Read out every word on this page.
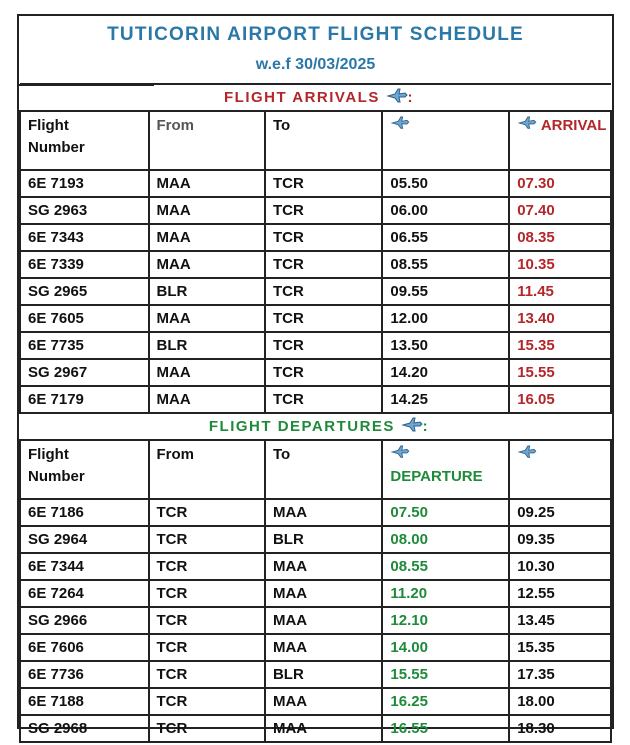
TUTICORIN AIRPORT FLIGHT SCHEDULE
w.e.f 30/03/2025
FLIGHT ARRIVALS :				
Flight
Number	From	To		ARRIVAL
6E 7193	MAA	TCR	05.50	07.30
SG 2963	MAA	TCR	06.00	07.40
6E 7343	MAA	TCR	06.55	08.35
6E 7339	MAA	TCR	08.55	10.35
SG 2965	BLR	TCR	09.55	11.45
6E 7605	MAA	TCR	12.00	13.40
6E 7735	BLR	TCR	13.50	15.35
SG 2967	MAA	TCR	14.20	15.55
6E 7179	MAA	TCR	14.25	16.05
FLIGHT DEPARTURES :				
Flight
Number	From	To	DEPARTURE	
6E 7186	TCR	MAA	07.50	09.25
SG 2964	TCR	BLR	08.00	09.35
6E 7344	TCR	MAA	08.55	10.30
6E 7264	TCR	MAA	11.20	12.55
SG 2966	TCR	MAA	12.10	13.45
6E 7606	TCR	MAA	14.00	15.35
6E 7736	TCR	BLR	15.55	17.35
6E 7188	TCR	MAA	16.25	18.00
SG 2968	TCR	MAA	16.55	18.30
